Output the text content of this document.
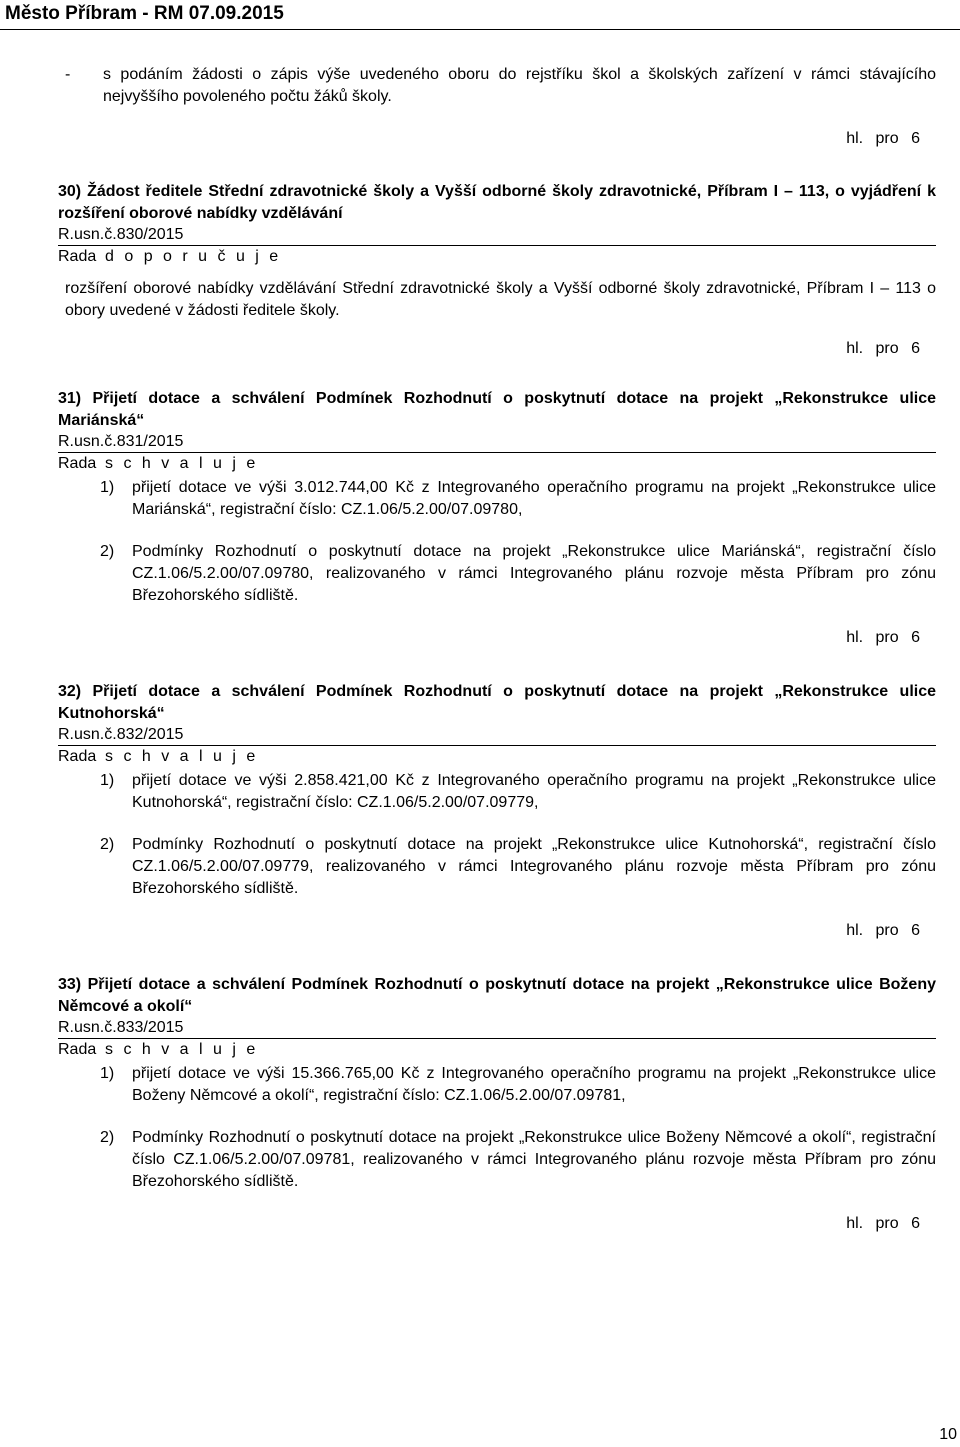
Město Příbram - RM 07.09.2015
-	s podáním žádosti o zápis výše uvedeného oboru do rejstříku škol a školských zařízení v rámci stávajícího nejvyššího povoleného počtu žáků školy.
hl. pro 6
30) Žádost ředitele Střední zdravotnické školy a Vyšší odborné školy zdravotnické, Příbram I – 113, o vyjádření k rozšíření oborové nabídky vzdělávání
R.usn.č.830/2015
Rada d o p o r u č u j e
rozšíření oborové nabídky vzdělávání Střední zdravotnické školy a Vyšší odborné školy zdravotnické, Příbram I – 113 o obory uvedené v žádosti ředitele školy.
hl. pro 6
31) Přijetí dotace a schválení Podmínek Rozhodnutí o poskytnutí dotace na projekt „Rekonstrukce ulice Mariánská“
R.usn.č.831/2015
Rada s c h v a l u j e
1)	přijetí dotace ve výši 3.012.744,00 Kč z Integrovaného operačního programu na projekt „Rekonstrukce ulice Mariánská“, registrační číslo: CZ.1.06/5.2.00/07.09780,
2)	Podmínky Rozhodnutí o poskytnutí dotace na projekt „Rekonstrukce ulice Mariánská“, registrační číslo CZ.1.06/5.2.00/07.09780, realizovaného v rámci Integrovaného plánu rozvoje města Příbram pro zónu Březohorského sídliště.
hl. pro 6
32) Přijetí dotace a schválení Podmínek Rozhodnutí o poskytnutí dotace na projekt „Rekonstrukce ulice Kutnohorská“
R.usn.č.832/2015
Rada s c h v a l u j e
1)	přijetí dotace ve výši 2.858.421,00 Kč z Integrovaného operačního programu na projekt „Rekonstrukce ulice Kutnohorská“, registrační číslo: CZ.1.06/5.2.00/07.09779,
2)	Podmínky Rozhodnutí o poskytnutí dotace na projekt „Rekonstrukce ulice Kutnohorská“, registrační číslo CZ.1.06/5.2.00/07.09779, realizovaného v rámci Integrovaného plánu rozvoje města Příbram pro zónu Březohorského sídliště.
hl. pro 6
33) Přijetí dotace a schválení Podmínek Rozhodnutí o poskytnutí dotace na projekt „Rekonstrukce ulice Boženy Němcové a okolí“
R.usn.č.833/2015
Rada s c h v a l u j e
1)	přijetí dotace ve výši 15.366.765,00 Kč z Integrovaného operačního programu na projekt „Rekonstrukce ulice Boženy Němcové a okolí“, registrační číslo: CZ.1.06/5.2.00/07.09781,
2)	Podmínky Rozhodnutí o poskytnutí dotace na projekt „Rekonstrukce ulice Boženy Němcové a okolí“, registrační číslo CZ.1.06/5.2.00/07.09781, realizovaného v rámci Integrovaného plánu rozvoje města Příbram pro zónu Březohorského sídliště.
hl. pro 6
10
